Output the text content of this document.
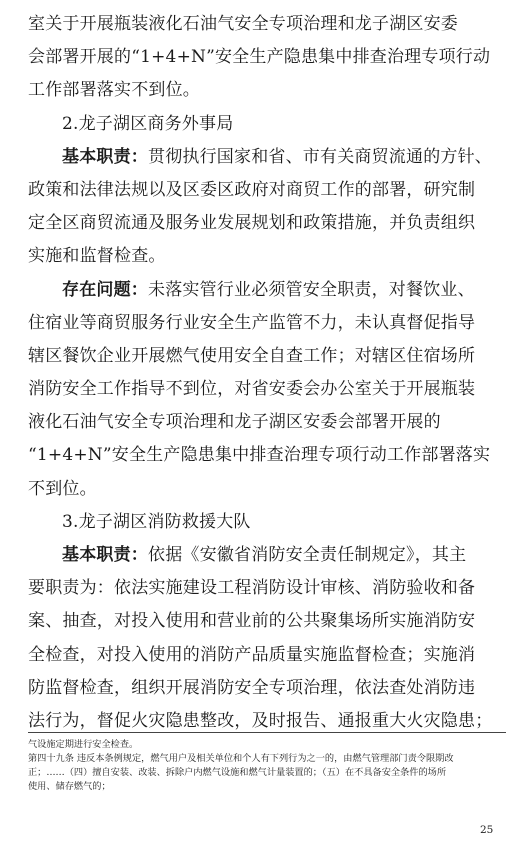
室关于开展瓶装液化石油气安全专项治理和龙子湖区安委
会部署开展的“1+4+N”安全生产隐患集中排查治理专项行动
工作部署落实不到位。
2.龙子湖区商务外事局
基本职责：贯彻执行国家和省、市有关商贸流通的方针、
政策和法律法规以及区委区政府对商贸工作的部署，研究制
定全区商贸流通及服务业发展规划和政策措施，并负责组织
实施和监督检查。
存在问题：未落实管行业必须管安全职责，对餐饮业、
住宿业等商贸服务行业安全生产监管不力，未认真督促指导
辖区餐饮企业开展燃气使用安全自查工作；对辖区住宿场所
消防安全工作指导不到位，对省安委会办公室关于开展瓶装
液化石油气安全专项治理和龙子湖区安委会部署开展的
“1+4+N”安全生产隐患集中排查治理专项行动工作部署落实
不到位。
3.龙子湖区消防救援大队
基本职责：依据《安徽省消防安全责任制规定》，其主
要职责为：依法实施建设工程消防设计审核、消防验收和备
案、抽查，对投入使用和营业前的公共聚集场所实施消防安
全检查，对投入使用的消防产品质量实施监督检查；实施消
防监督检查，组织开展消防安全专项治理，依法查处消防违
法行为，督促火灾隐患整改，及时报告、通报重大火灾隐患；
气设施定期进行安全检查。
第四十九条 违反本条例规定，燃气用户及相关单位和个人有下列行为之一的，由燃气管理部门责令限期改
正；……（四）擅自安装、改装、拆除户内燃气设施和燃气计量装置的；（五）在不具备安全条件的场所
使用、储存燃气的；
25
